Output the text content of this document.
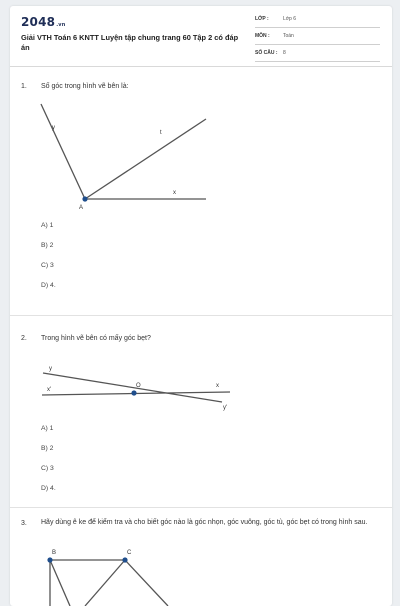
2048.vn
Giải VTH Toán 6 KNTT Luyện tập chung trang 60 Tập 2 có đáp án
LỚP :	Lớp 6
MÔN :	Toán
SỐ CÂU : 8
1. Số góc trong hình vẽ bên là:
y
t
x
A
y
x'
O	x
y'
B	C
A) 1
B) 2
C) 3
D) 4.
2. Trong hình vẽ bên có mấy góc bẹt?
A) 1
B) 2
C) 3
D) 4.
3. Hãy dùng ê ke để kiểm tra và cho biết góc nào là góc nhọn, góc vuông, góc tù, góc bẹt có trong hình sau.
